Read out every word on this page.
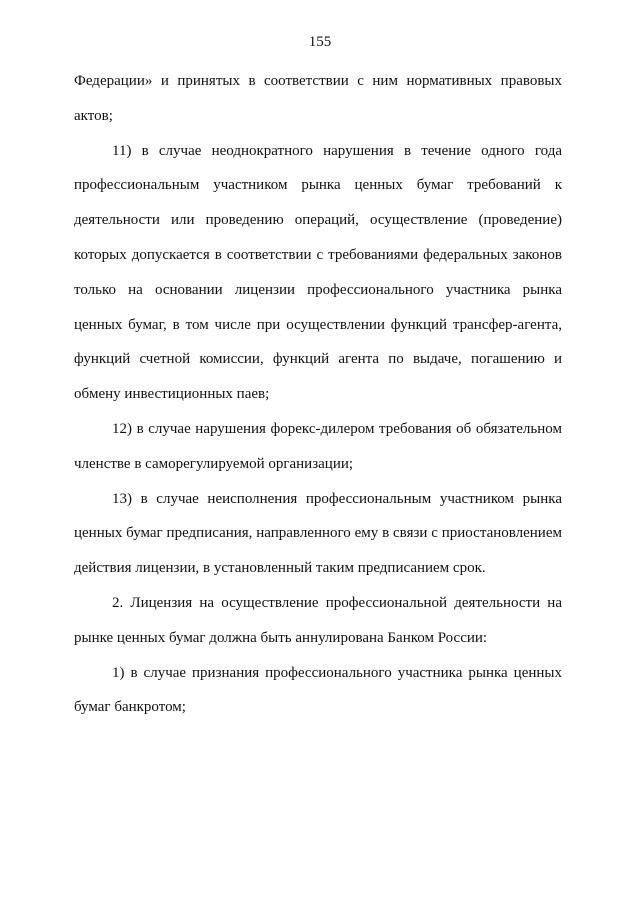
155

Федерации» и принятых в соответствии с ним нормативных правовых актов;

11) в случае неоднократного нарушения в течение одного года профессиональным участником рынка ценных бумаг требований к деятельности или проведению операций, осуществление (проведение) которых допускается в соответствии с требованиями федеральных законов только на основании лицензии профессионального участника рынка ценных бумаг, в том числе при осуществлении функций трансфер-агента, функций счетной комиссии, функций агента по выдаче, погашению и обмену инвестиционных паев;

12) в случае нарушения форекс-дилером требования об обязательном членстве в саморегулируемой организации;

13) в случае неисполнения профессиональным участником рынка ценных бумаг предписания, направленного ему в связи с приостановлением действия лицензии, в установленный таким предписанием срок.

2. Лицензия на осуществление профессиональной деятельности на рынке ценных бумаг должна быть аннулирована Банком России:

1) в случае признания профессионального участника рынка ценных бумаг банкротом;
